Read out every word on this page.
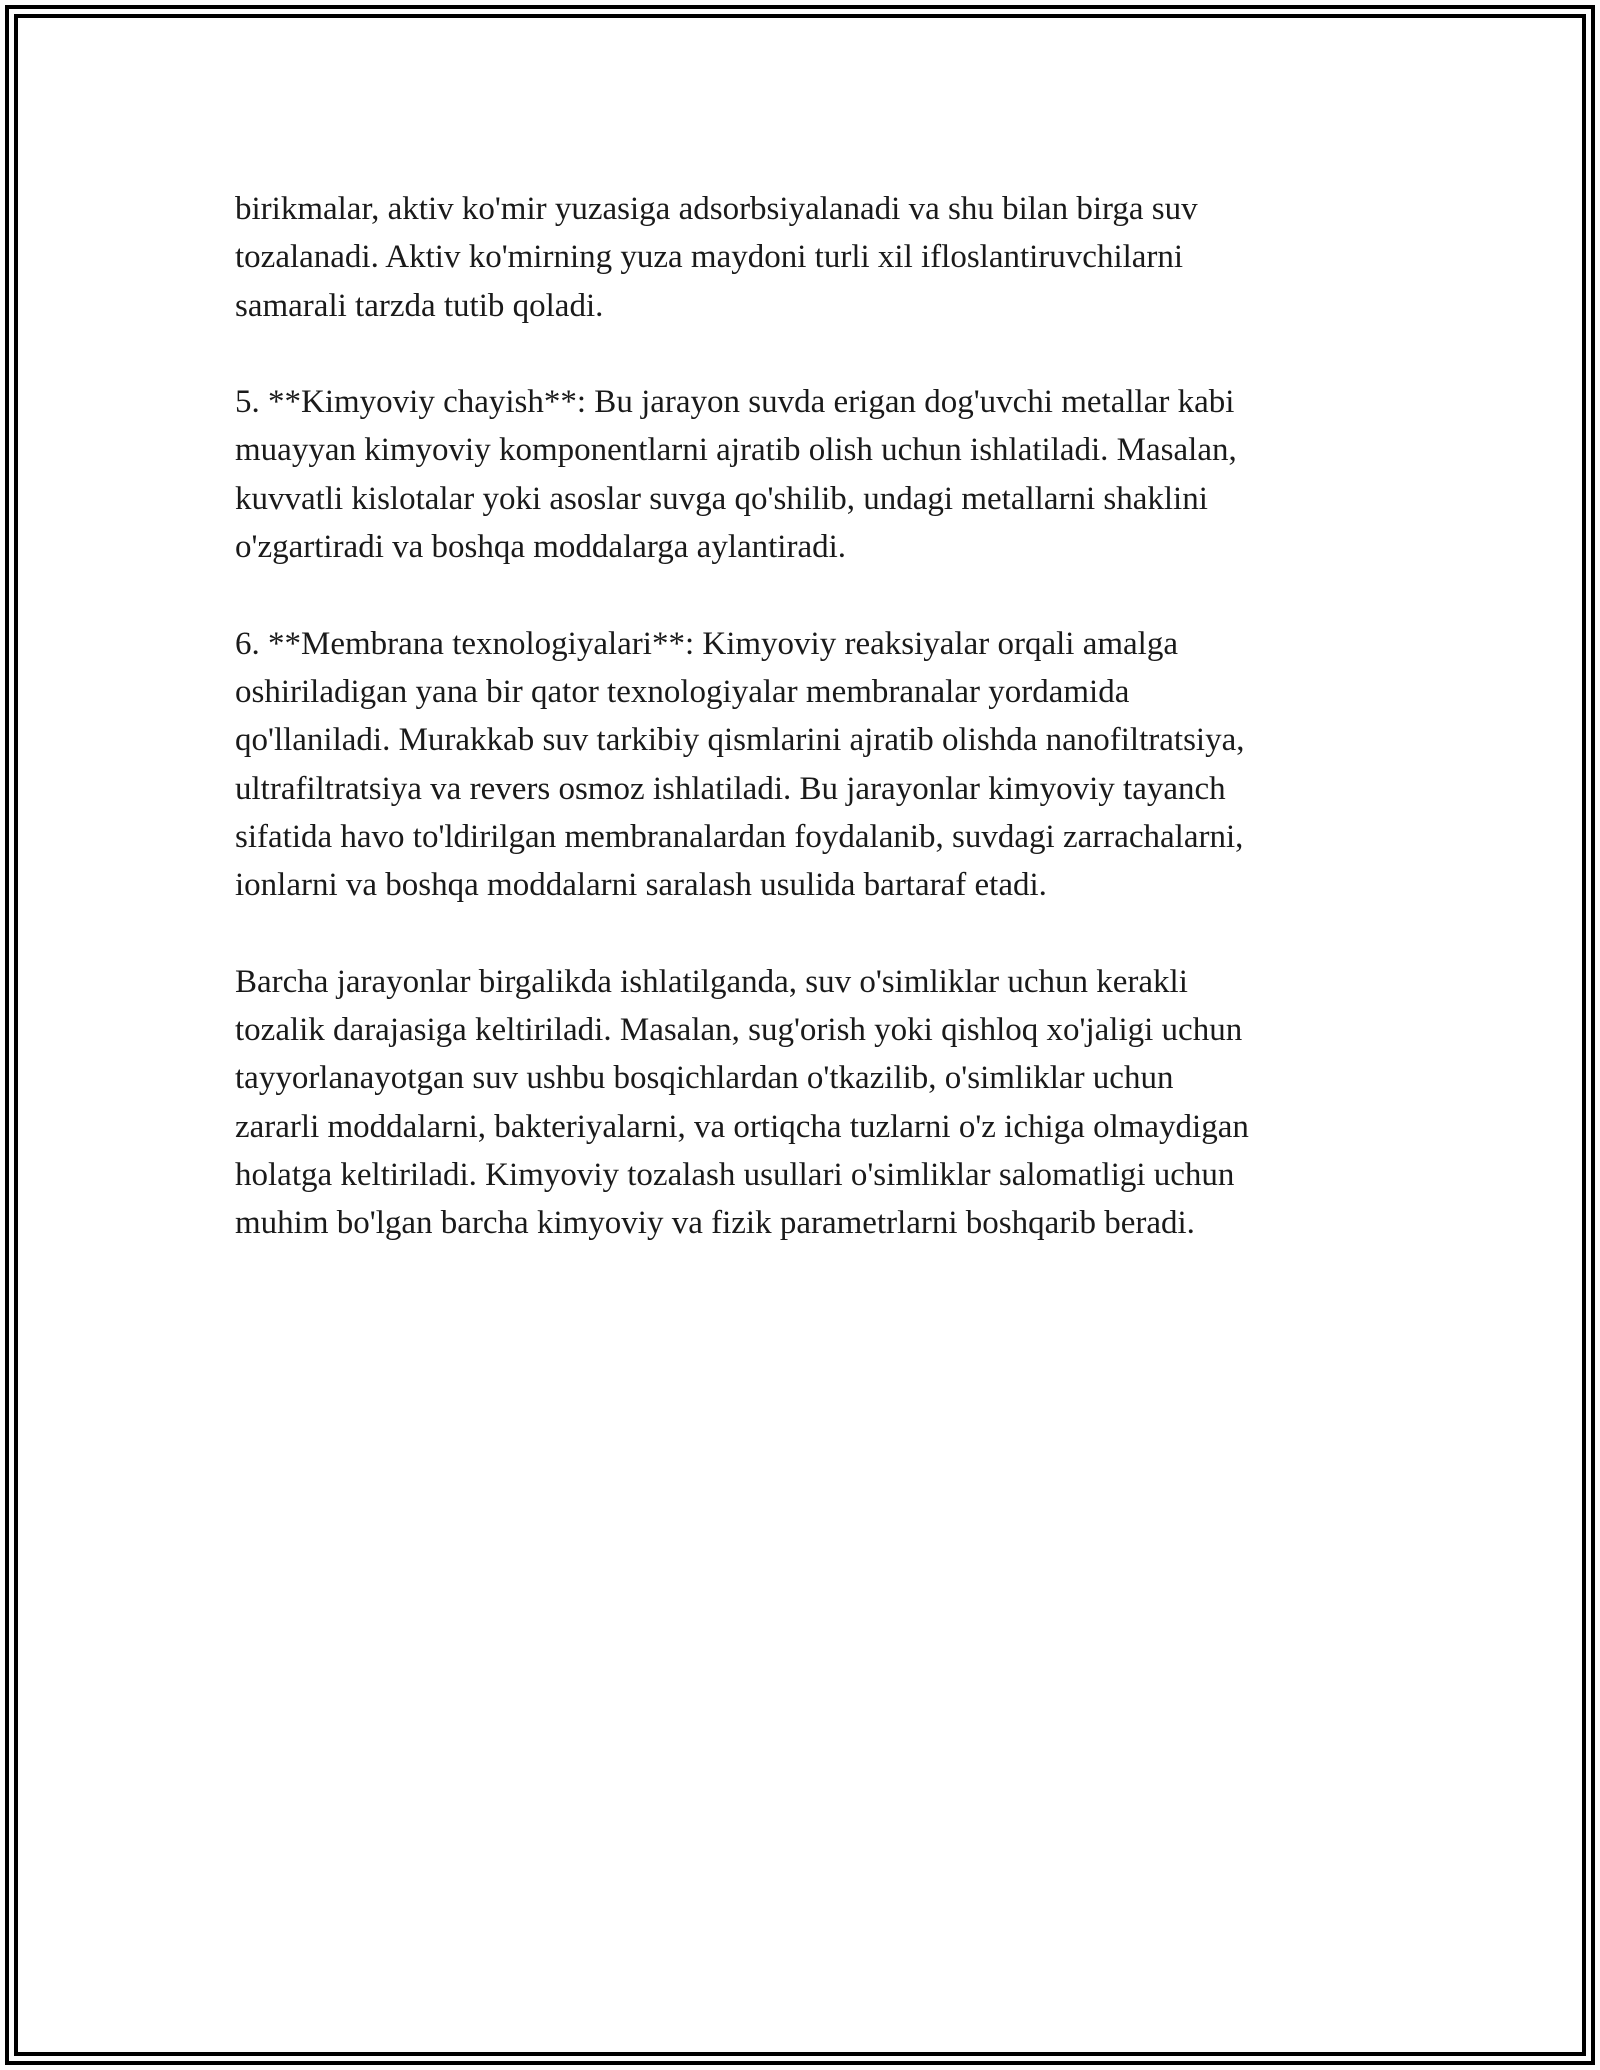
birikmalar, aktiv ko'mir yuzasiga adsorbsiyalanadi va shu bilan birga suv
tozalanadi. Aktiv ko'mirning yuza maydoni turli xil ifloslantiruvchilarni
samarali tarzda tutib qoladi.

5. **Kimyoviy chayish**: Bu jarayon suvda erigan dog'uvchi metallar kabi
muayyan kimyoviy komponentlarni ajratib olish uchun ishlatiladi. Masalan,
kuvvatli kislotalar yoki asoslar suvga qo'shilib, undagi metallarni shaklini
o'zgartiradi va boshqa moddalarga aylantiradi.

6. **Membrana texnologiyalari**: Kimyoviy reaksiyalar orqali amalga
oshiriladigan yana bir qator texnologiyalar membranalar yordamida
qo'llaniladi. Murakkab suv tarkibiy qismlarini ajratib olishda nanofiltratsiya,
ultrafiltratsiya va revers osmoz ishlatiladi. Bu jarayonlar kimyoviy tayanch
sifatida havo to'ldirilgan membranalardan foydalanib, suvdagi zarrachalarni,
ionlarni va boshqa moddalarni saralash usulida bartaraf etadi.

Barcha jarayonlar birgalikda ishlatilganda, suv o'simliklar uchun kerakli
tozalik darajasiga keltiriladi. Masalan, sug'orish yoki qishloq xo'jaligi uchun
tayyorlanayotgan suv ushbu bosqichlardan o'tkazilib, o'simliklar uchun
zararli moddalarni, bakteriyalarni, va ortiqcha tuzlarni o'z ichiga olmaydigan
holatga keltiriladi. Kimyoviy tozalash usullari o'simliklar salomatligi uchun
muhim bo'lgan barcha kimyoviy va fizik parametrlarni boshqarib beradi.
